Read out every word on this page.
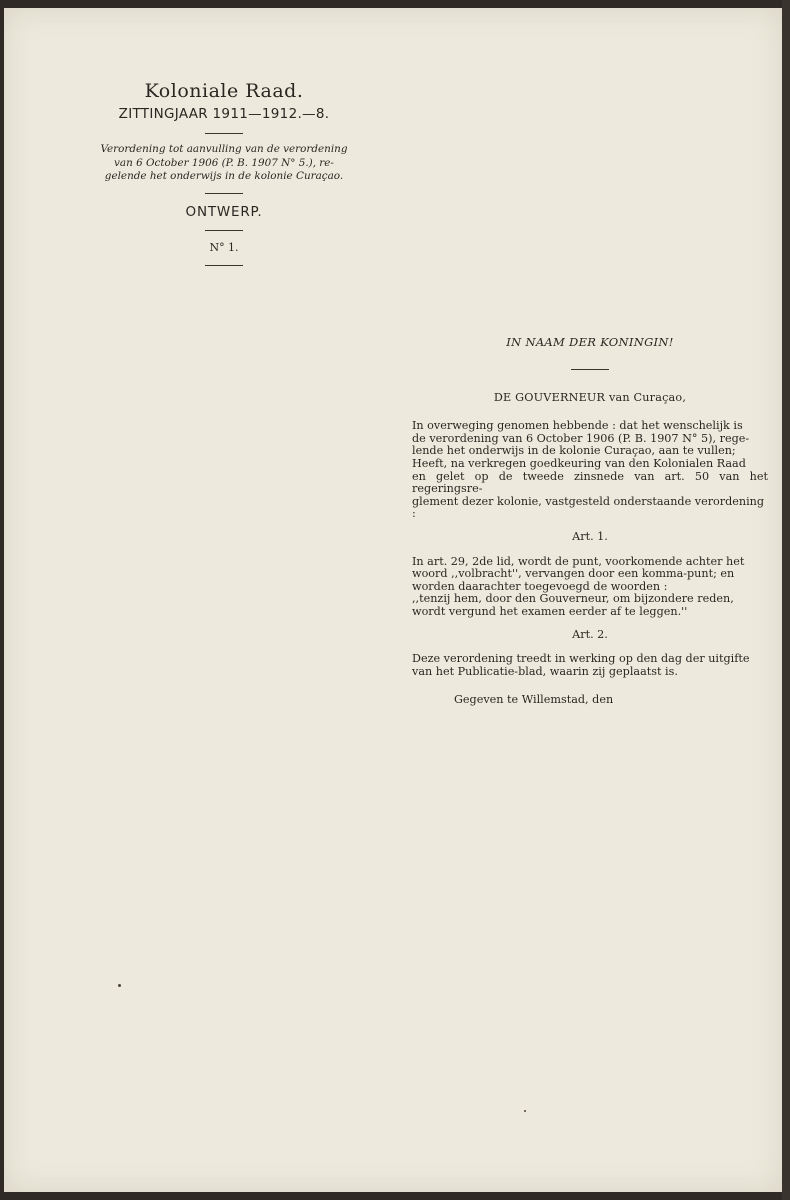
Koloniale Raad.

ZITTINGJAAR 1911—1912.—8.

Verordening tot aanvulling van de verordening

van 6 October 1906 (P. B. 1907 N° 5.), re-

gelende het onderwijs in de kolonie Curaçao.

ONTWERP.

N° 1.

IN NAAM DER KONINGIN!

DE GOUVERNEUR van Curaçao,

In overweging genomen hebbende : dat het wenschelijk is

de verordening van 6 October 1906 (P. B. 1907 N° 5), rege-

lende het onderwijs in de kolonie Curaçao, aan te vullen;

Heeft, na verkregen goedkeuring van den Kolonialen Raad

en gelet op de tweede zinsnede van art. 50 van het regeringsre-

glement dezer kolonie, vastgesteld onderstaande verordening :

Art. 1.

In art. 29, 2de lid, wordt de punt, voorkomende achter het

woord ,,volbracht'', vervangen door een komma-punt; en

worden daarachter toegevoegd de woorden :

,,tenzij hem, door den Gouverneur, om bijzondere reden,

wordt vergund het examen eerder af te leggen.''

Art. 2.

Deze verordening treedt in werking op den dag der uitgifte

van het Publicatie-blad, waarin zij geplaatst is.

Gegeven te Willemstad, den
